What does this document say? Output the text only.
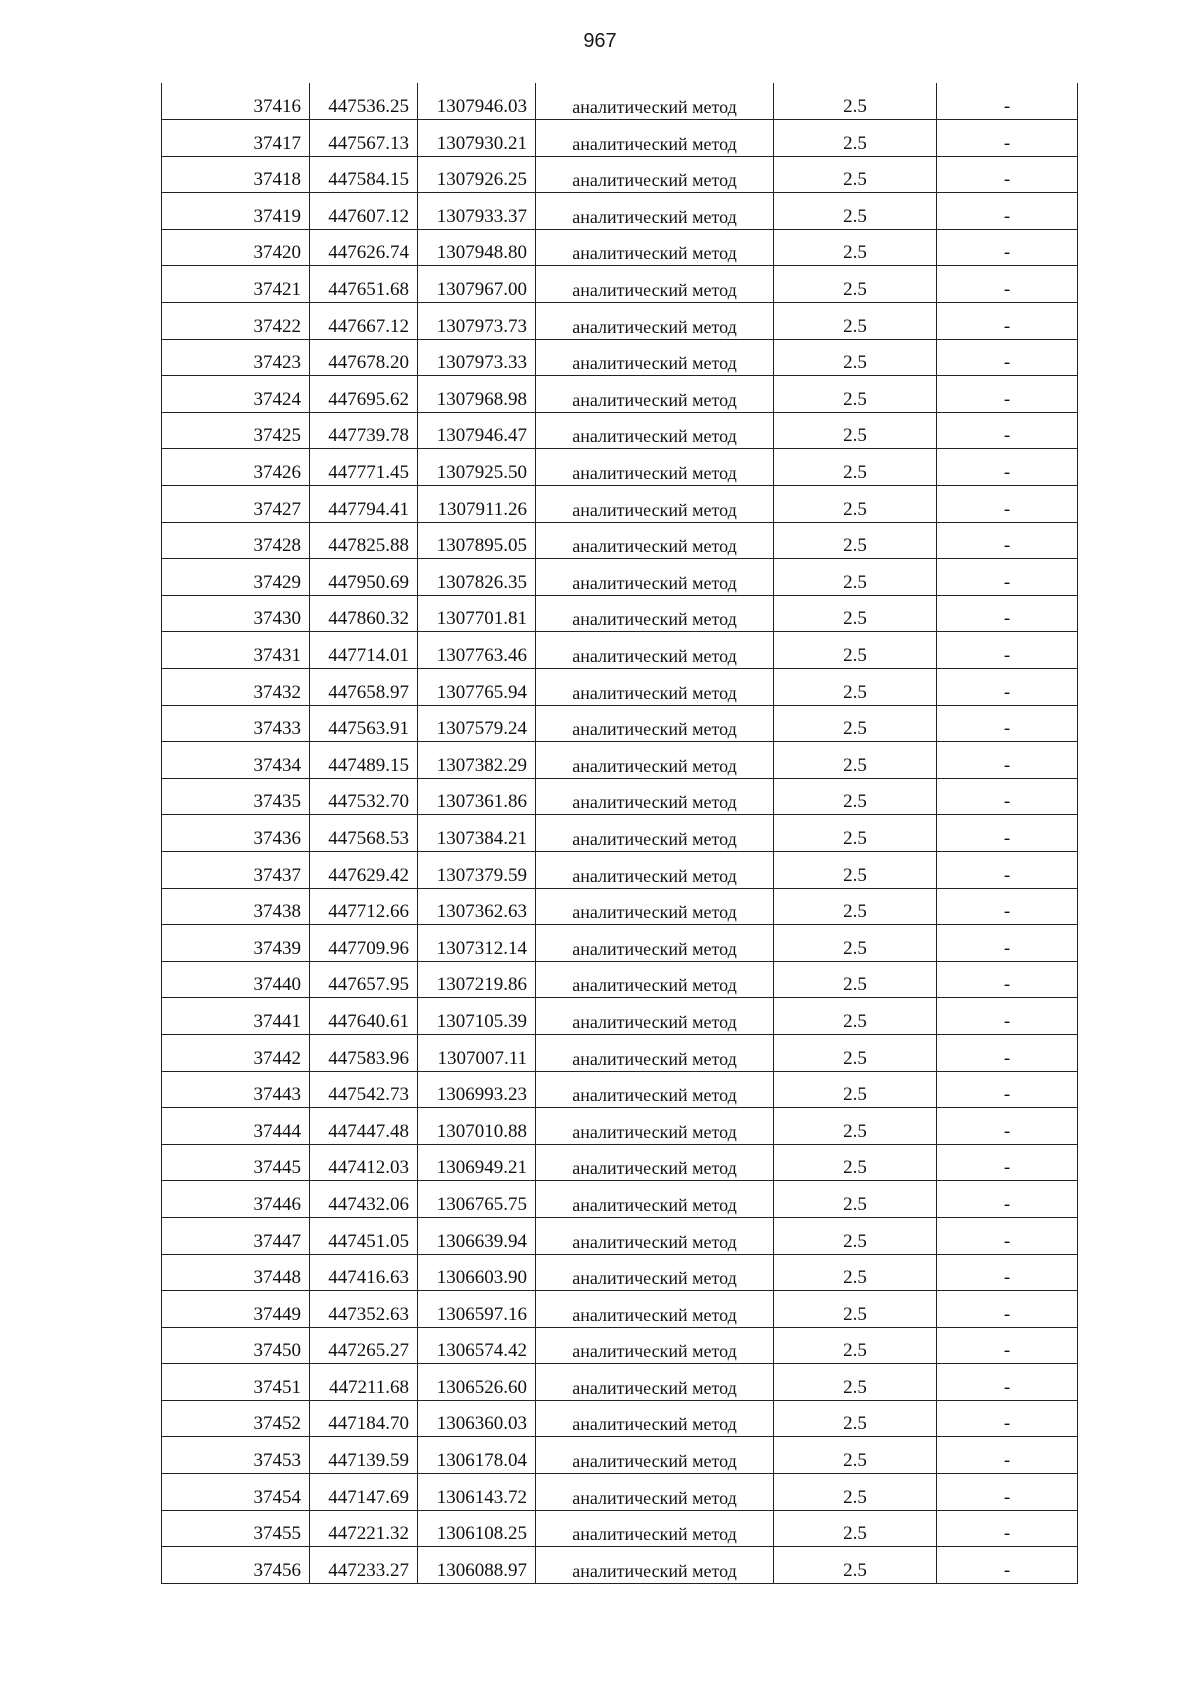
967
37416	447536.25	1307946.03	аналитический метод	2.5	-
37417	447567.13	1307930.21	аналитический метод	2.5	-
37418	447584.15	1307926.25	аналитический метод	2.5	-
37419	447607.12	1307933.37	аналитический метод	2.5	-
37420	447626.74	1307948.80	аналитический метод	2.5	-
37421	447651.68	1307967.00	аналитический метод	2.5	-
37422	447667.12	1307973.73	аналитический метод	2.5	-
37423	447678.20	1307973.33	аналитический метод	2.5	-
37424	447695.62	1307968.98	аналитический метод	2.5	-
37425	447739.78	1307946.47	аналитический метод	2.5	-
37426	447771.45	1307925.50	аналитический метод	2.5	-
37427	447794.41	1307911.26	аналитический метод	2.5	-
37428	447825.88	1307895.05	аналитический метод	2.5	-
37429	447950.69	1307826.35	аналитический метод	2.5	-
37430	447860.32	1307701.81	аналитический метод	2.5	-
37431	447714.01	1307763.46	аналитический метод	2.5	-
37432	447658.97	1307765.94	аналитический метод	2.5	-
37433	447563.91	1307579.24	аналитический метод	2.5	-
37434	447489.15	1307382.29	аналитический метод	2.5	-
37435	447532.70	1307361.86	аналитический метод	2.5	-
37436	447568.53	1307384.21	аналитический метод	2.5	-
37437	447629.42	1307379.59	аналитический метод	2.5	-
37438	447712.66	1307362.63	аналитический метод	2.5	-
37439	447709.96	1307312.14	аналитический метод	2.5	-
37440	447657.95	1307219.86	аналитический метод	2.5	-
37441	447640.61	1307105.39	аналитический метод	2.5	-
37442	447583.96	1307007.11	аналитический метод	2.5	-
37443	447542.73	1306993.23	аналитический метод	2.5	-
37444	447447.48	1307010.88	аналитический метод	2.5	-
37445	447412.03	1306949.21	аналитический метод	2.5	-
37446	447432.06	1306765.75	аналитический метод	2.5	-
37447	447451.05	1306639.94	аналитический метод	2.5	-
37448	447416.63	1306603.90	аналитический метод	2.5	-
37449	447352.63	1306597.16	аналитический метод	2.5	-
37450	447265.27	1306574.42	аналитический метод	2.5	-
37451	447211.68	1306526.60	аналитический метод	2.5	-
37452	447184.70	1306360.03	аналитический метод	2.5	-
37453	447139.59	1306178.04	аналитический метод	2.5	-
37454	447147.69	1306143.72	аналитический метод	2.5	-
37455	447221.32	1306108.25	аналитический метод	2.5	-
37456	447233.27	1306088.97	аналитический метод	2.5	-
